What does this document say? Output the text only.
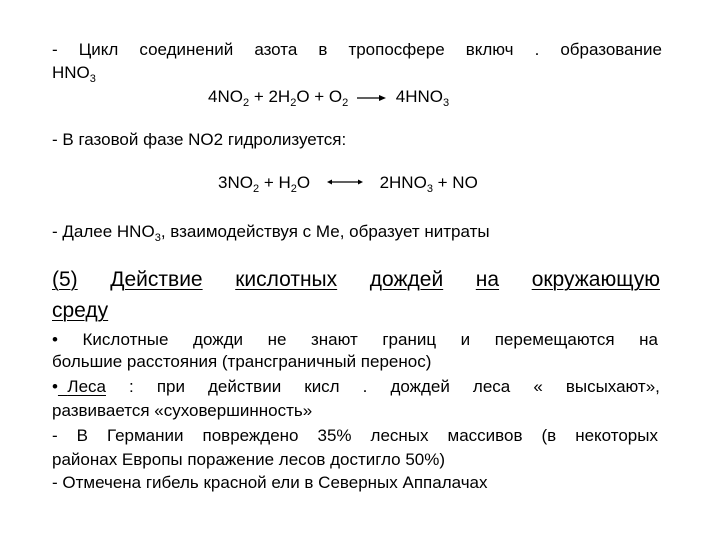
- Цикл соединений азота в тропосфере включ . образование
$HNO_3$
$4NO_2 + 2H_2O + O_2$	$4HNO_3$
- В газовой фазе NO2 гидролизуется:
$3NO_2 + H_2O$	$2HNO_3$ + NO
- Далее $HNO_3$, взаимодействуя с Ме, образует нитраты
(5) Действие кислотных дождей на окружающую
среду
• Кислотные дожди не знают границ и перемещаются на
большие расстояния (трансграничный перенос)
• Леса : при действии кисл . дождей леса « высыхают»,
развивается «суховершинность»
- В Германии повреждено 35% лесных массивов (в некоторых
районах Европы поражение лесов достигло 50%)
- Отмечена гибель красной ели в Северных Аппалачах
